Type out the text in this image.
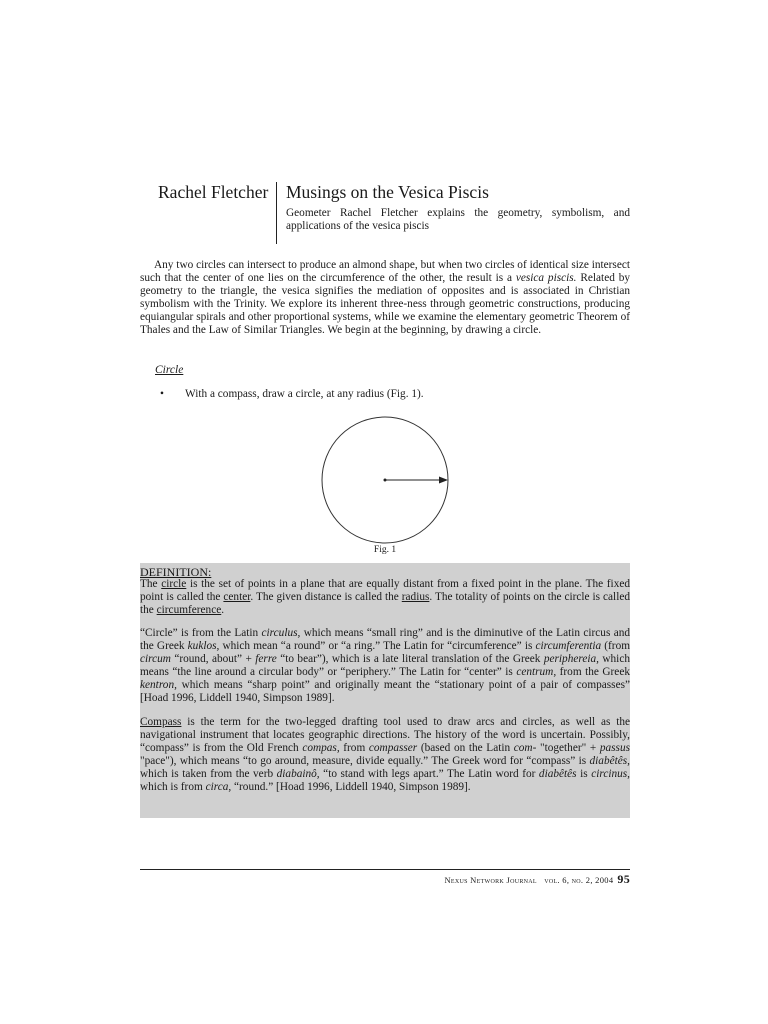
Rachel Fletcher Musings on the Vesica Piscis
Geometer Rachel Fletcher explains the geometry, symbolism, and applications of the vesica piscis

Any two circles can intersect to produce an almond shape, but when two circles of identical size intersect such that the center of one lies on the circumference of the other, the result is a vesica piscis. Related by geometry to the triangle, the vesica signifies the mediation of opposites and is associated in Christian symbolism with the Trinity. We explore its inherent three-ness through geometric constructions, producing equiangular spirals and other proportional systems, while we examine the elementary geometric Theorem of Thales and the Law of Similar Triangles. We begin at the beginning, by drawing a circle.

Circle
• With a compass, draw a circle, at any radius (Fig. 1).
Fig. 1
DEFINITION:

The circle is the set of points in a plane that are equally distant from a fixed point in the plane. The fixed point is called the center. The given distance is called the radius. The totality of points on the circle is called the circumference.

“Circle” is from the Latin circulus, which means “small ring” and is the diminutive of the Latin circus and the Greek kuklos, which mean “a round” or “a ring.” The Latin for “circumference” is circumferentia (from circum “round, about” + ferre “to bear”), which is a late literal translation of the Greek periphereia, which means “the line around a circular body” or “periphery.” The Latin for “center” is centrum, from the Greek kentron, which means “sharp point” and originally meant the “stationary point of a pair of compasses” [Hoad 1996, Liddell 1940, Simpson 1989].

Compass is the term for the two-legged drafting tool used to draw arcs and circles, as well as the navigational instrument that locates geographic directions. The history of the word is uncertain. Possibly, “compass” is from the Old French compas, from compasser (based on the Latin com- "together" + passus "pace"), which means “to go around, measure, divide equally.” The Greek word for “compass” is diabêtês, which is taken from the verb diabainô, “to stand with legs apart.” The Latin word for diabêtês is circinus, which is from circa, “round.” [Hoad 1996, Liddell 1940, Simpson 1989].

Nexus Network Journal vol. 6, no. 2, 2004 95
